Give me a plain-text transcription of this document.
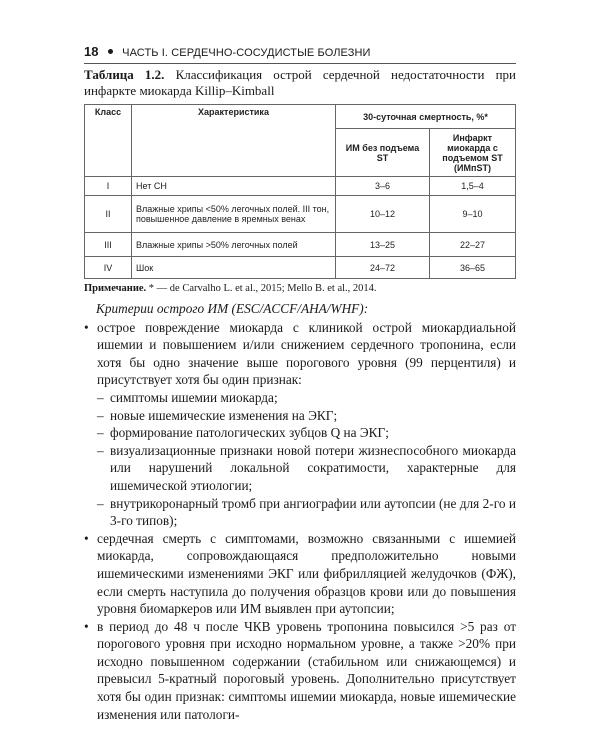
18 ЧАСТЬ I. СЕРДЕЧНО-СОСУДИСТЫЕ БОЛЕЗНИ
Таблица 1.2. Классификация острой сердечной недостаточности при инфаркте миокарда Killip–Kimball
Класс	Характеристика	30-суточная смертность, %*	
		ИМ без подъема ST	Инфаркт миокарда с подъемом ST (ИМпST)
I	Нет СН	3–6	1,5–4
II	Влажные хрипы <50% легочных полей. III тон, повышенное давление в яремных венах	10–12	9–10
III	Влажные хрипы >50% легочных полей	13–25	22–27
IV	Шок	24–72	36–65
Примечание. * — de Carvalho L. et al., 2015; Mello B. et al., 2014.
Критерии острого ИМ (ESC/ACCF/AHA/WHF):
• острое повреждение миокарда с клиникой острой миокардиальной ишемии и повышением и/или снижением сердечного тропонина, если хотя бы одно значение выше порогового уровня (99 перцентиля) и присутствует хотя бы один признак:
– симптомы ишемии миокарда;
– новые ишемические изменения на ЭКГ;
– формирование патологических зубцов Q на ЭКГ;
– визуализационные признаки новой потери жизнеспособного миокарда или нарушений локальной сократимости, характерные для ишемической этиологии;
– внутрикоронарный тромб при ангиографии или аутопсии (не для 2-го и 3-го типов);
• сердечная смерть с симптомами, возможно связанными с ишемией миокарда, сопровождающаяся предположительно новыми ишемическими изменениями ЭКГ или фибрилляцией желудочков (ФЖ), если смерть наступила до получения образцов крови или до повышения уровня биомаркеров или ИМ выявлен при аутопсии;
• в период до 48 ч после ЧКВ уровень тропонина повысился >5 раз от порогового уровня при исходно нормальном уровне, а также >20% при исходно повышенном содержании (стабильном или снижающемся) и превысил 5-кратный пороговый уровень. Дополнительно присутствует хотя бы один признак: симптомы ишемии миокарда, новые ишемические изменения или патологи-
